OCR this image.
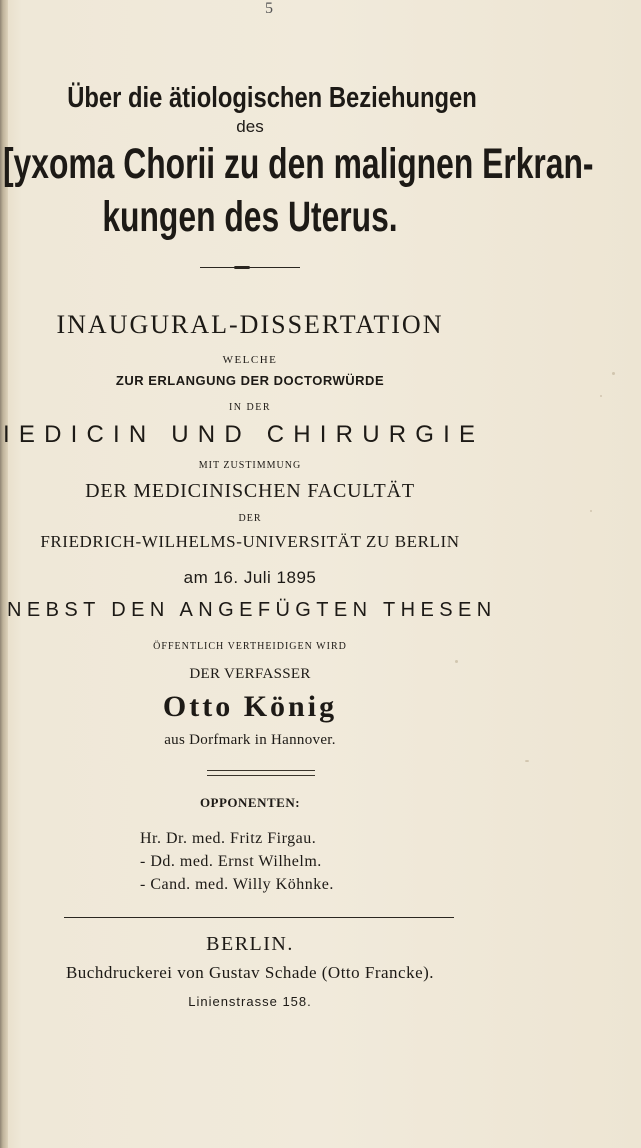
5
Über die ätiologischen Beziehungen
des
[yxoma Chorii zu den malignen Erkran-
kungen des Uterus.
INAUGURAL-DISSERTATION
WELCHE
ZUR ERLANGUNG DER DOCTORWÜRDE
IN DER
IEDICIN UND CHIRURGIE
MIT ZUSTIMMUNG
DER MEDICINISCHEN FACULTÄT
DER
FRIEDRICH-WILHELMS-UNIVERSITÄT ZU BERLIN
am 16. Juli 1895
NEBST DEN ANGEFÜGTEN THESEN
ÖFFENTLICH VERTHEIDIGEN WIRD
DER VERFASSER
Otto König
aus Dorfmark in Hannover.
OPPONENTEN:
Hr. Dr. med. Fritz Firgau.
- Dd. med. Ernst Wilhelm.
- Cand. med. Willy Köhnke.
BERLIN.
Buchdruckerei von Gustav Schade (Otto Francke).
Linienstrasse 158.
